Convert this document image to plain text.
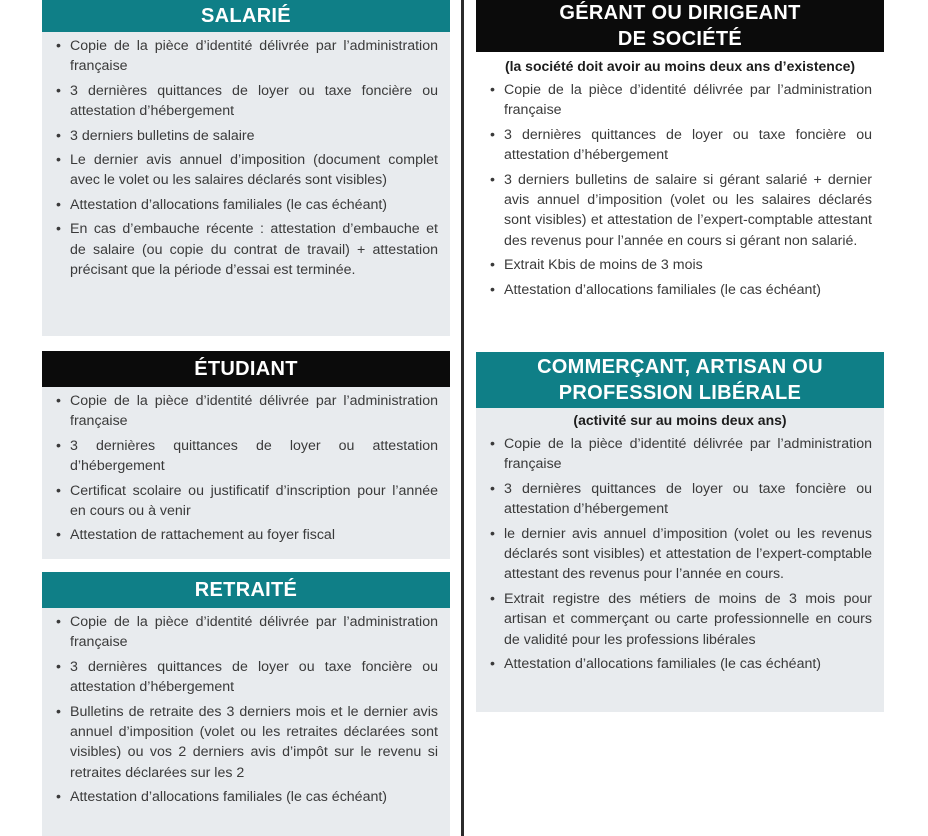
SALARIÉ
• Copie de la pièce d’identité délivrée par l’administration française
• 3 dernières quittances de loyer ou taxe foncière ou attestation d’hébergement
• 3 derniers bulletins de salaire
• Le dernier avis annuel d’imposition (document complet avec le volet ou les salaires déclarés sont visibles)
• Attestation d’allocations familiales (le cas échéant)
• En cas d’embauche récente : attestation d’embauche et de salaire (ou copie du contrat de travail) + attestation précisant que la période d’essai est terminée.
ÉTUDIANT
• Copie de la pièce d’identité délivrée par l’administration française
• 3 dernières quittances de loyer ou attestation d’hébergement
• Certificat scolaire ou justificatif d’inscription pour l’année en cours ou à venir
• Attestation de rattachement au foyer fiscal
RETRAITÉ
• Copie de la pièce d’identité délivrée par l’administration française
• 3 dernières quittances de loyer ou taxe foncière ou attestation d’hébergement
• Bulletins de retraite des 3 derniers mois et le dernier avis annuel d’imposition (volet ou les retraites déclarées sont visibles) ou vos 2 derniers avis d’impôt sur le revenu si retraites déclarées sur les 2
• Attestation d’allocations familiales (le cas échéant)
GÉRANT OU DIRIGEANT
DE SOCIÉTÉ
(la société doit avoir au moins deux ans d’existence)
• Copie de la pièce d’identité délivrée par l’administration française
• 3 dernières quittances de loyer ou taxe foncière ou attestation d’hébergement
• 3 derniers bulletins de salaire si gérant salarié + dernier avis annuel d’imposition (volet ou les salaires déclarés sont visibles) et attestation de l’expert-comptable attestant des revenus pour l’année en cours si gérant non salarié.
• Extrait Kbis de moins de 3 mois
• Attestation d’allocations familiales (le cas échéant)
COMMERÇANT, ARTISAN OU
PROFESSION LIBÉRALE
(activité sur au moins deux ans)
• Copie de la pièce d’identité délivrée par l’administration française
• 3 dernières quittances de loyer ou taxe foncière ou attestation d’hébergement
• le dernier avis annuel d’imposition (volet ou les revenus déclarés sont visibles) et attestation de l’expert-comptable attestant des revenus pour l’année en cours.
• Extrait registre des métiers de moins de 3 mois pour artisan et commerçant ou carte professionnelle en cours de validité pour les professions libérales
• Attestation d’allocations familiales (le cas échéant)
